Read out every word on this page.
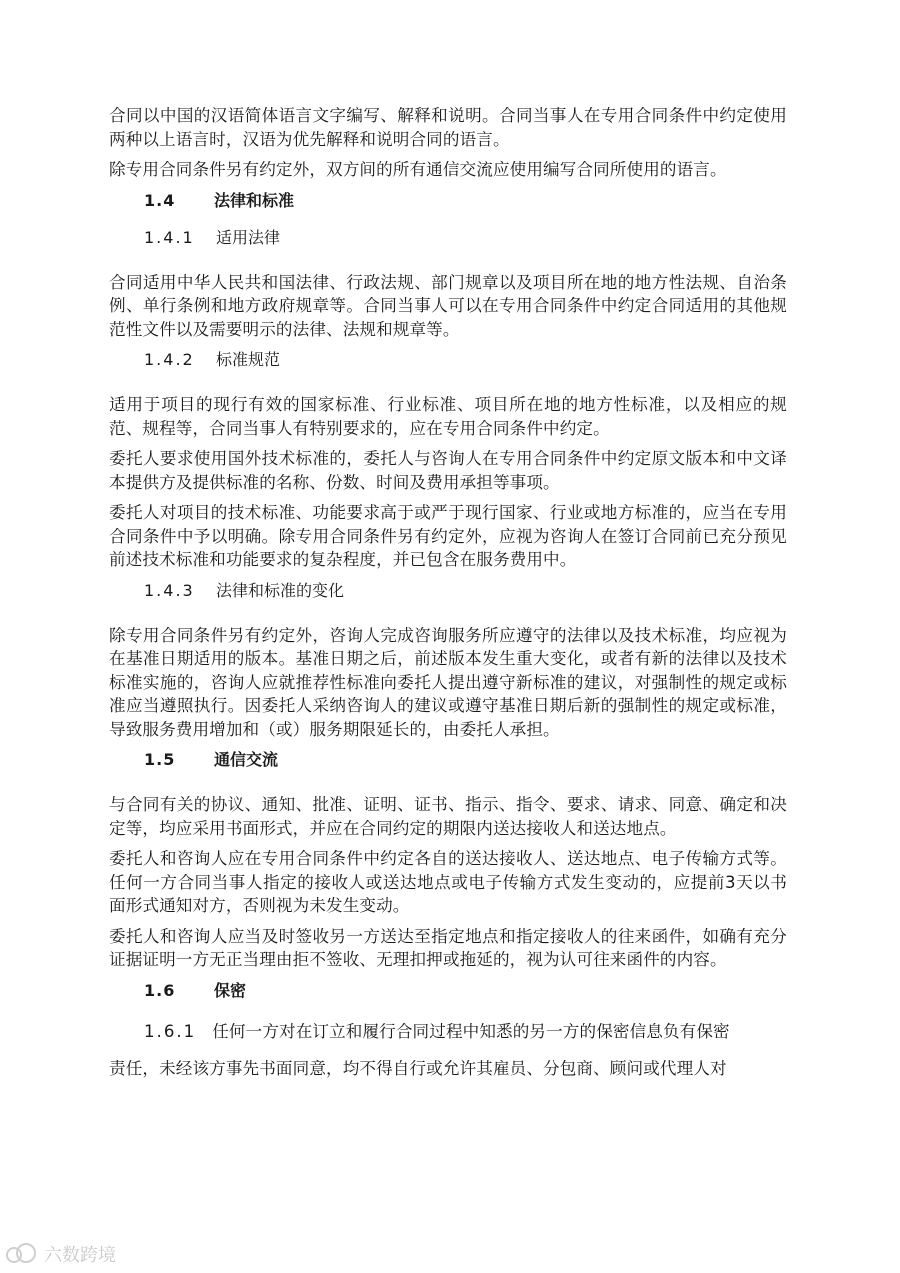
合同以中国的汉语简体语言文字编写、解释和说明。合同当事人在专用合同条件中约定使用两种以上语言时，汉语为优先解释和说明合同的语言。

除专用合同条件另有约定外，双方间的所有通信交流应使用编写合同所使用的语言。

1.4	法律和标准
1.4.1	适用法律

合同适用中华人民共和国法律、行政法规、部门规章以及项目所在地的地方性法规、自治条例、单行条例和地方政府规章等。合同当事人可以在专用合同条件中约定合同适用的其他规范性文件以及需要明示的法律、法规和规章等。

1.4.2	标准规范

适用于项目的现行有效的国家标准、行业标准、项目所在地的地方性标准，以及相应的规范、规程等，合同当事人有特别要求的，应在专用合同条件中约定。

委托人要求使用国外技术标准的，委托人与咨询人在专用合同条件中约定原文版本和中文译本提供方及提供标准的名称、份数、时间及费用承担等事项。

委托人对项目的技术标准、功能要求高于或严于现行国家、行业或地方标准的，应当在专用合同条件中予以明确。除专用合同条件另有约定外，应视为咨询人在签订合同前已充分预见前述技术标准和功能要求的复杂程度，并已包含在服务费用中。

1.4.3	法律和标准的变化

除专用合同条件另有约定外，咨询人完成咨询服务所应遵守的法律以及技术标准，均应视为在基准日期适用的版本。基准日期之后，前述版本发生重大变化，或者有新的法律以及技术标准实施的，咨询人应就推荐性标准向委托人提出遵守新标准的建议，对强制性的规定或标准应当遵照执行。因委托人采纳咨询人的建议或遵守基准日期后新的强制性的规定或标准，导致服务费用增加和（或）服务期限延长的，由委托人承担。

1.5	通信交流

与合同有关的协议、通知、批准、证明、证书、指示、指令、要求、请求、同意、确定和决定等，均应采用书面形式，并应在合同约定的期限内送达接收人和送达地点。

委托人和咨询人应在专用合同条件中约定各自的送达接收人、送达地点、电子传输方式等。任何一方合同当事人指定的接收人或送达地点或电子传输方式发生变动的，应提前3天以书面形式通知对方，否则视为未发生变动。

委托人和咨询人应当及时签收另一方送达至指定地点和指定接收人的往来函件，如确有充分证据证明一方无正当理由拒不签收、无理扣押或拖延的，视为认可往来函件的内容。

1.6	保密

1.6.1 任何一方对在订立和履行合同过程中知悉的另一方的保密信息负有保密

责任，未经该方事先书面同意，均不得自行或允许其雇员、分包商、顾问或代理人对

六数跨境
